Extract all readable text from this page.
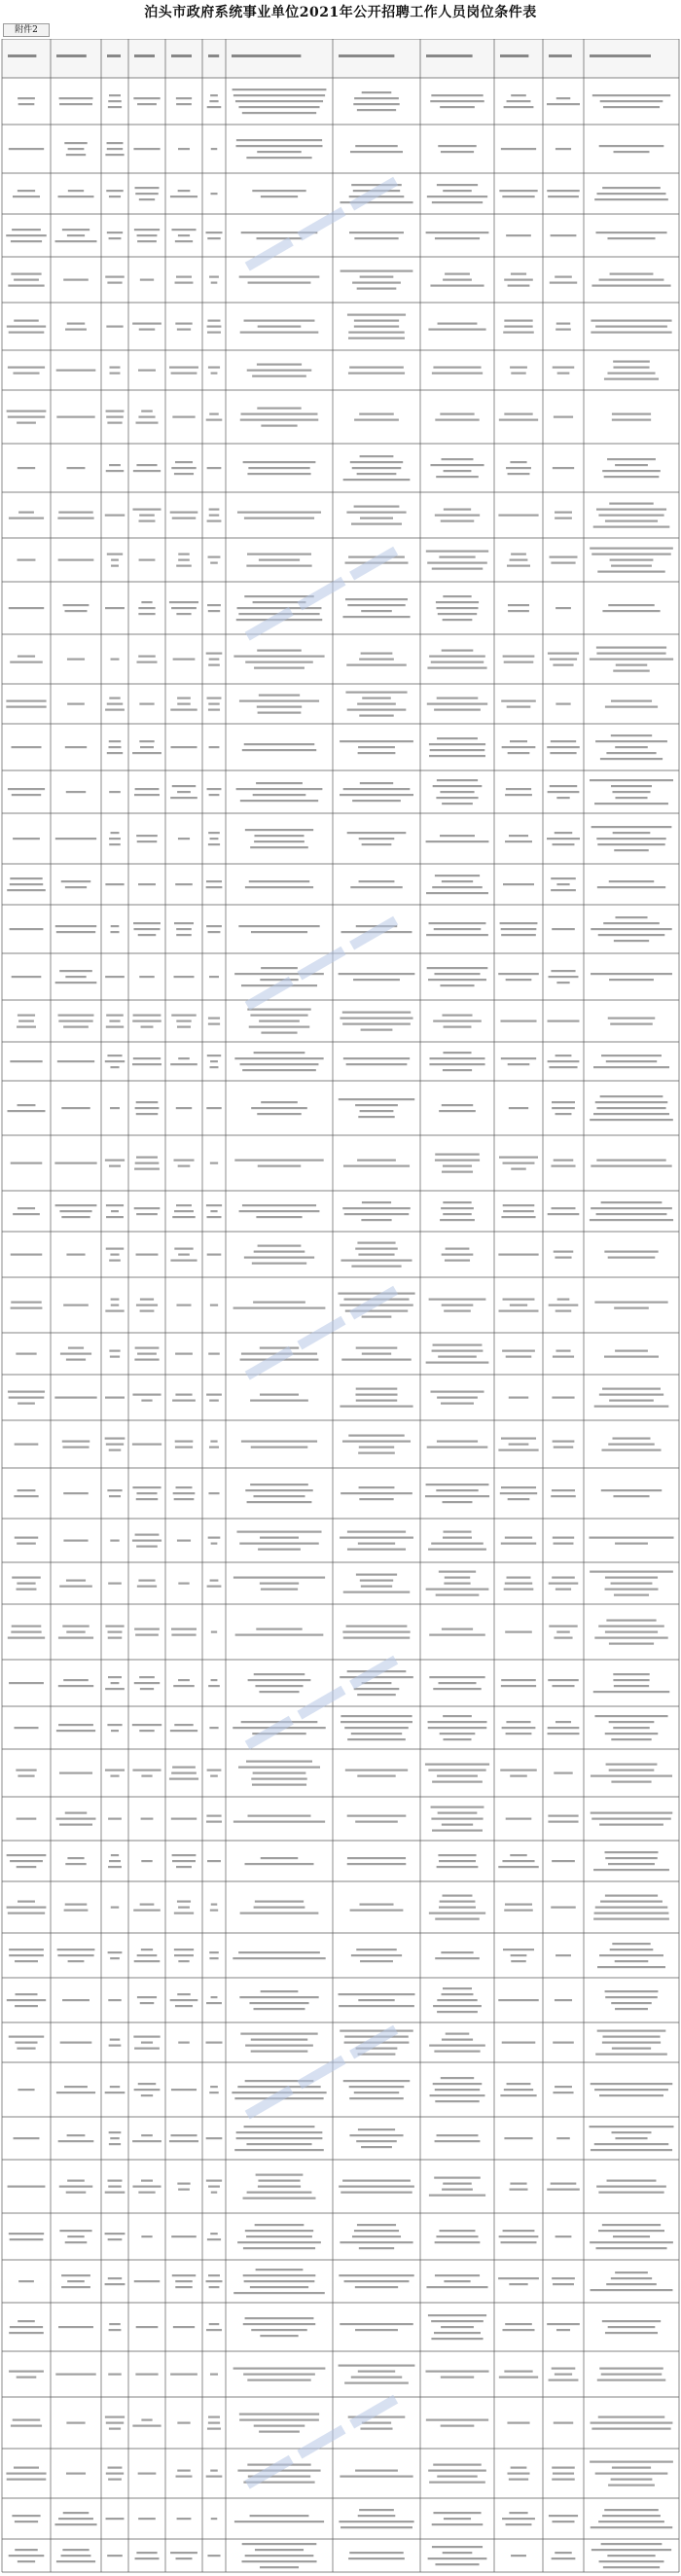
泊头市政府系统事业单位2021年公开招聘工作人员岗位条件表
附件2
